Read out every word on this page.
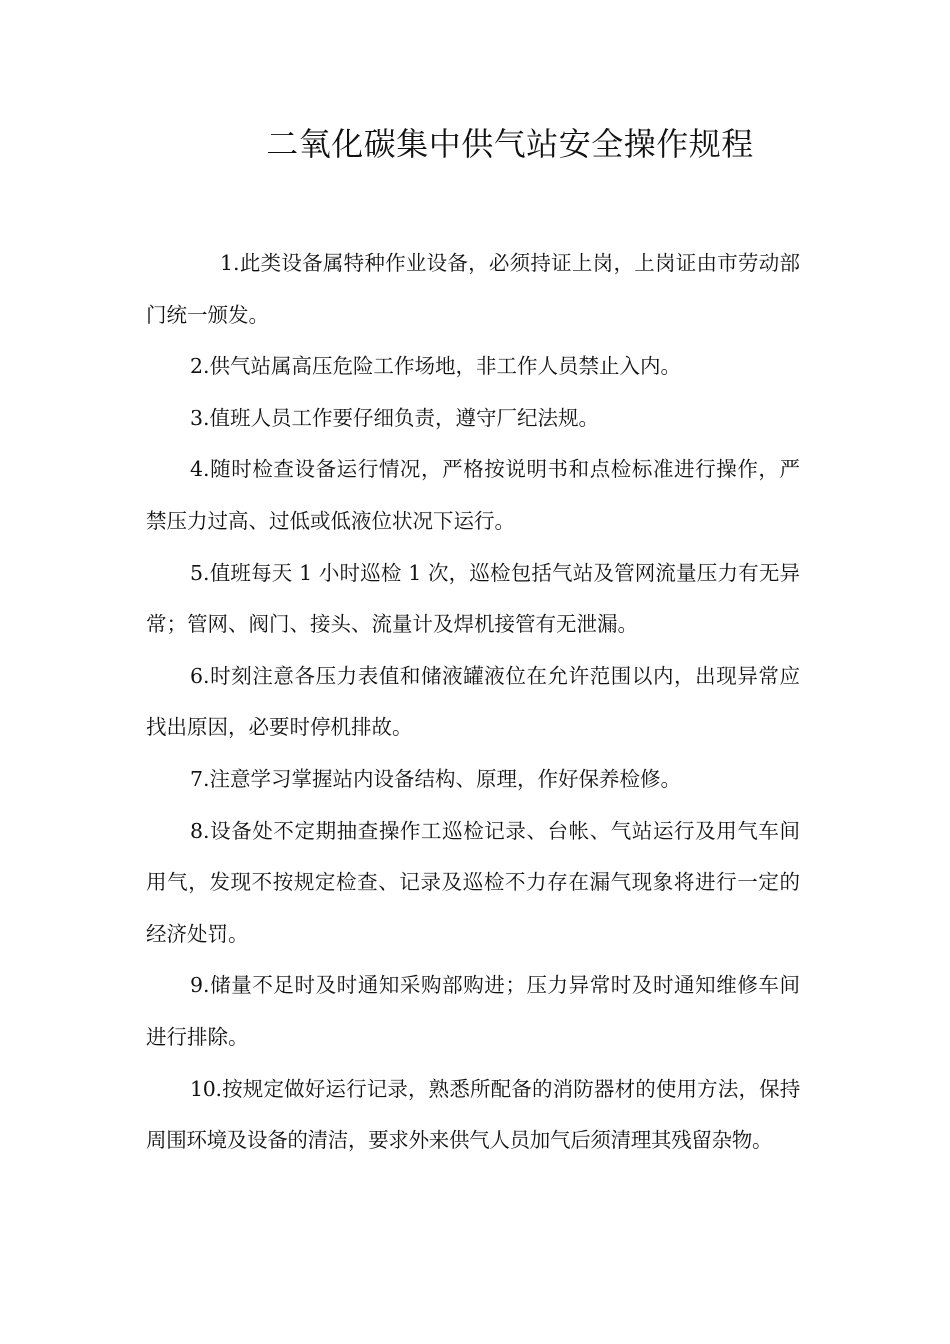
二氧化碳集中供气站安全操作规程

1.此类设备属特种作业设备，必须持证上岗，上岗证由市劳动部门统一颁发。

2.供气站属高压危险工作场地，非工作人员禁止入内。

3.值班人员工作要仔细负责，遵守厂纪法规。

4.随时检查设备运行情况，严格按说明书和点检标准进行操作，严禁压力过高、过低或低液位状况下运行。

5.值班每天 1 小时巡检 1 次，巡检包括气站及管网流量压力有无异常；管网、阀门、接头、流量计及焊机接管有无泄漏。

6.时刻注意各压力表值和储液罐液位在允许范围以内，出现异常应找出原因，必要时停机排故。

7.注意学习掌握站内设备结构、原理，作好保养检修。

8.设备处不定期抽查操作工巡检记录、台帐、气站运行及用气车间用气，发现不按规定检查、记录及巡检不力存在漏气现象将进行一定的经济处罚。

9.储量不足时及时通知采购部购进；压力异常时及时通知维修车间进行排除。

10.按规定做好运行记录，熟悉所配备的消防器材的使用方法，保持周围环境及设备的清洁，要求外来供气人员加气后须清理其残留杂物。
